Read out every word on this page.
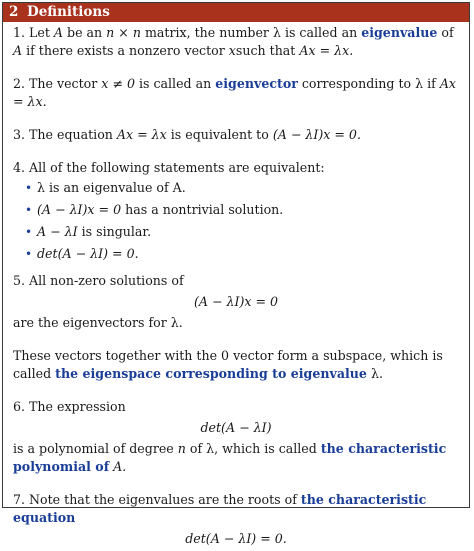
2 Definitions

1. Let A be an n × n matrix, the number λ is called an eigenvalue of A if there exists a nonzero vector xsuch that Ax = λx.

2. The vector x ≠ 0 is called an eigenvector corresponding to λ if Ax = λx.

3. The equation Ax = λx is equivalent to (A − λI)x = 0.

4. All of the following statements are equivalent:

• λ is an eigenvalue of A.
• (A − λI)x = 0 has a nontrivial solution.
• A − λI is singular.
• det(A − λI) = 0.

5. All non-zero solutions of

(A − λI)x = 0

are the eigenvectors for λ.

These vectors together with the 0 vector form a subspace, which is called the eigenspace corresponding to eigenvalue λ.

6. The expression

det(A − λI)

is a polynomial of degree n of λ, which is called the characteristic polynomial of A.

7. Note that the eigenvalues are the roots of the characteristic equation

det(A − λI) = 0.
